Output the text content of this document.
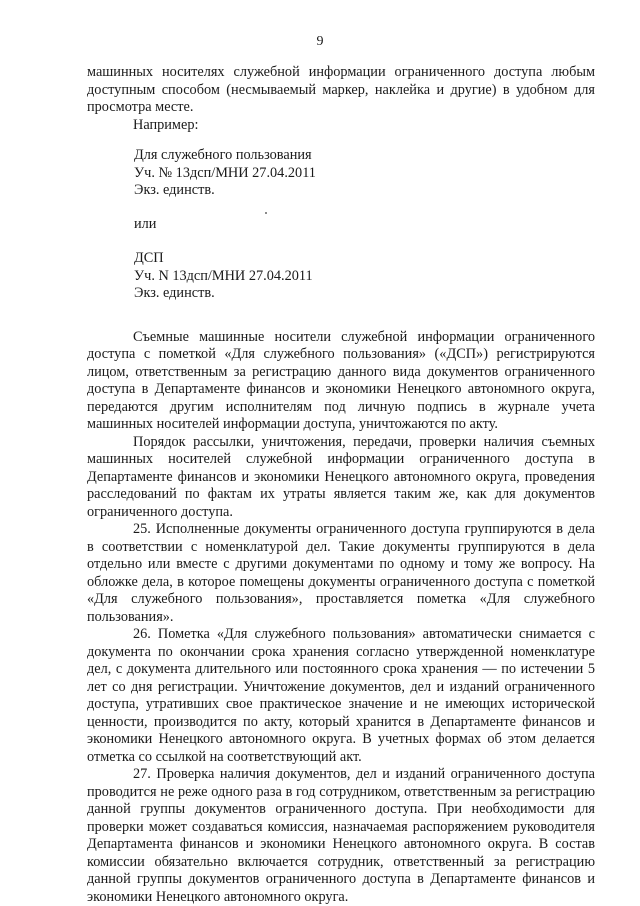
9

машинных носителях служебной информации ограниченного доступа любым доступным способом (несмываемый маркер, наклейка и другие) в удобном для просмотра месте.

Например:

Для служебного пользования
Уч. № 13дсп/МНИ 27.04.2011
Экз. единств.
или
ДСП
Уч. N 13дсп/МНИ 27.04.2011
Экз. единств.

Съемные машинные носители служебной информации ограниченного доступа с пометкой «Для служебного пользования» («ДСП») регистрируются лицом, ответственным за регистрацию данного вида документов ограниченного доступа в Департаменте финансов и экономики Ненецкого автономного округа, передаются другим исполнителям под личную подпись в журнале учета машинных носителей информации доступа, уничтожаются по акту.

Порядок рассылки, уничтожения, передачи, проверки наличия съемных машинных носителей служебной информации ограниченного доступа в Департаменте финансов и экономики Ненецкого автономного округа, проведения расследований по фактам их утраты является таким же, как для документов ограниченного доступа.

25. Исполненные документы ограниченного доступа группируются в дела в соответствии с номенклатурой дел. Такие документы группируются в дела отдельно или вместе с другими документами по одному и тому же вопросу. На обложке дела, в которое помещены документы ограниченного доступа с пометкой «Для служебного пользования», проставляется пометка «Для служебного пользования».

26. Пометка «Для служебного пользования» автоматически снимается с документа по окончании срока хранения согласно утвержденной номенклатуре дел, с документа длительного или постоянного срока хранения — по истечении 5 лет со дня регистрации. Уничтожение документов, дел и изданий ограниченного доступа, утративших свое практическое значение и не имеющих исторической ценности, производится по акту, который хранится в Департаменте финансов и экономики Ненецкого автономного округа. В учетных формах об этом делается отметка со ссылкой на соответствующий акт.

27. Проверка наличия документов, дел и изданий ограниченного доступа проводится не реже одного раза в год сотрудником, ответственным за регистрацию данной группы документов ограниченного доступа. При необходимости для проверки может создаваться комиссия, назначаемая распоряжением руководителя Департамента финансов и экономики Ненецкого автономного округа. В состав комиссии обязательно включается сотрудник, ответственный за регистрацию данной группы документов ограниченного доступа в Департаменте финансов и экономики Ненецкого автономного округа.
